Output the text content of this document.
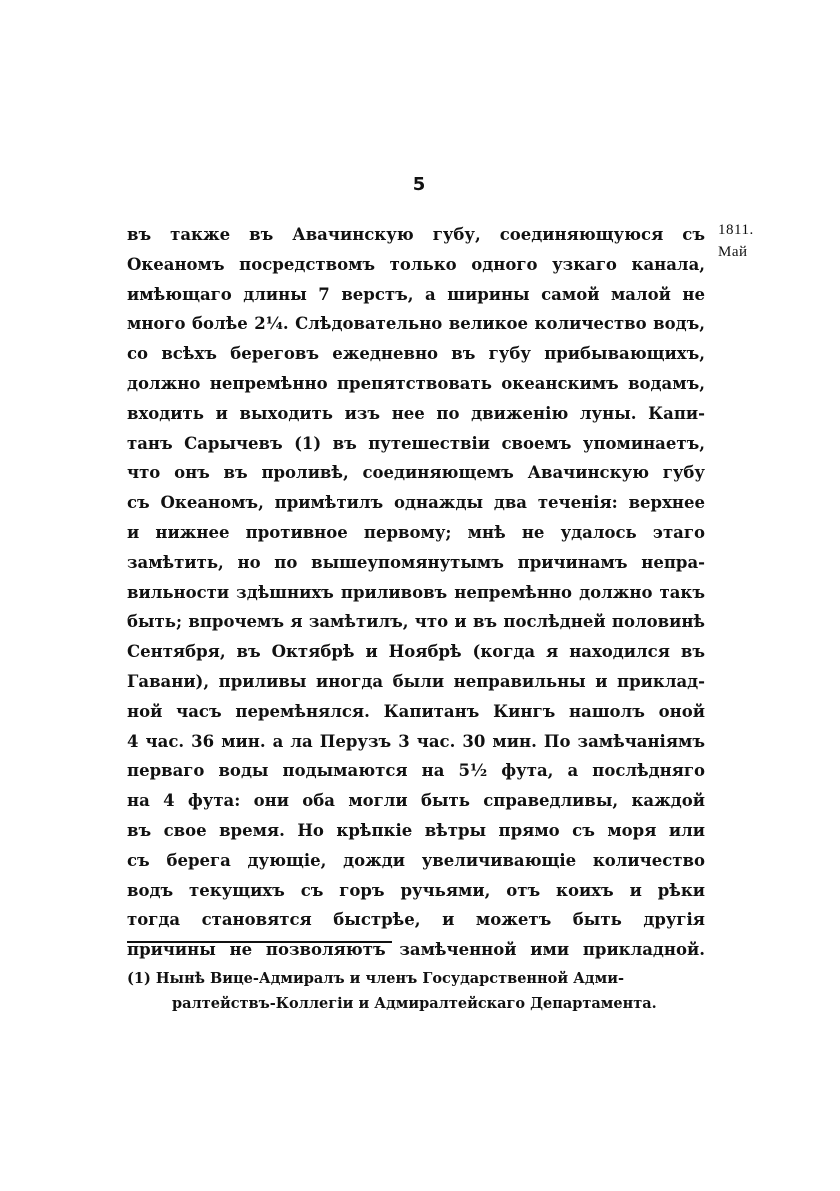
5
1811.
Май
въ также въ Авачинскую губу, соединяющуюся съ
Океаномъ посредствомъ только одного узкаго канала,
имѣющаго длины 7 верстъ, а ширины самой малой не
много болѣе 2¼. Слѣдовательно великое количество водъ,
со всѣхъ береговъ ежедневно въ губу прибывающихъ,
должно непремѣнно препятствовать океанскимъ водамъ,
входить и выходить изъ нее по движенію луны. Капи-
танъ Сарычевъ (1) въ путешествіи своемъ упоминаетъ,
что онъ въ проливѣ, соединяющемъ Авачинскую губу
съ Океаномъ, примѣтилъ однажды два теченія: верхнее
и нижнее противное первому; мнѣ не удалось этаго
замѣтить, но по вышеупомянутымъ причинамъ непра-
вильности здѣшнихъ приливовъ непремѣнно должно такъ
быть; впрочемъ я замѣтилъ, что и въ послѣдней половинѣ
Сентября, въ Октябрѣ и Ноябрѣ (когда я находился въ
Гавани), приливы иногда были неправильны и приклад-
ной часъ перемѣнялся. Капитанъ Кингъ нашолъ оной
4 час. 36 мин. а ла Перузъ 3 час. 30 мин. По замѣчаніямъ
перваго воды подымаются на 5½ фута, а послѣдняго
на 4 фута: они оба могли быть справедливы, каждой
въ свое время. Но крѣпкіе вѣтры прямо съ моря или
съ берега дующіе, дожди увеличивающіе количество
водъ текущихъ съ горъ ручьями, отъ коихъ и рѣки
тогда становятся быстрѣе, и можетъ быть другія
причины не позволяютъ замѣченной ими прикладной.
(1) Нынѣ Вице-Адмиралъ и членъ Государственной Адми-
ралтействъ-Коллегіи и Адмиралтейскаго Департамента.
